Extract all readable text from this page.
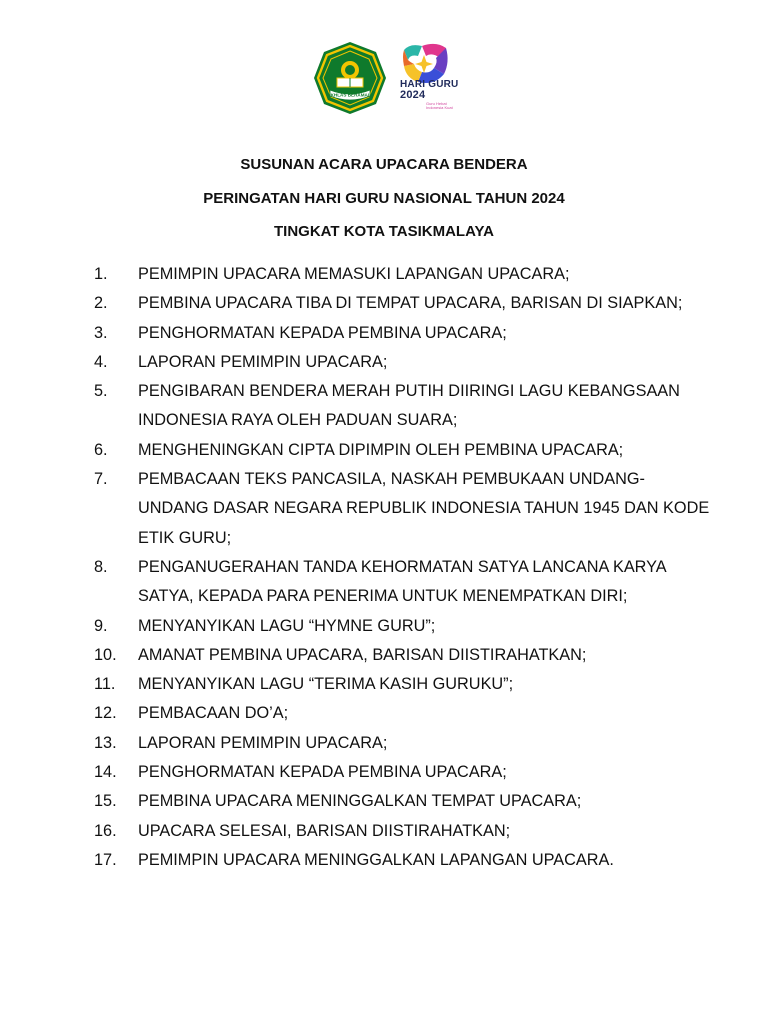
IKHLAS BERAMAL
HARI GURU
2024
Guru Hebat Indonesia Kuat

SUSUNAN ACARA UPACARA BENDERA

PERINGATAN HARI GURU NASIONAL TAHUN 2024

TINGKAT KOTA TASIKMALAYA

1.	PEMIMPIN UPACARA MEMASUKI LAPANGAN UPACARA;
2.	PEMBINA UPACARA TIBA DI TEMPAT UPACARA, BARISAN DI SIAPKAN;
3.	PENGHORMATAN KEPADA PEMBINA UPACARA;
4.	LAPORAN PEMIMPIN UPACARA;
5.	PENGIBARAN BENDERA MERAH PUTIH DIIRINGI LAGU KEBANGSAAN INDONESIA RAYA OLEH PADUAN SUARA;
6.	MENGHENINGKAN CIPTA DIPIMPIN OLEH PEMBINA UPACARA;
7.	PEMBACAAN TEKS PANCASILA, NASKAH PEMBUKAAN UNDANG-UNDANG DASAR NEGARA REPUBLIK INDONESIA TAHUN 1945 DAN KODE ETIK GURU;
8.	PENGANUGERAHAN TANDA KEHORMATAN SATYA LANCANA KARYA SATYA, KEPADA PARA PENERIMA UNTUK MENEMPATKAN DIRI;
9.	MENYANYIKAN LAGU “HYMNE GURU”;
10.	AMANAT PEMBINA UPACARA, BARISAN DIISTIRAHATKAN;
11.	MENYANYIKAN LAGU “TERIMA KASIH GURUKU”;
12.	PEMBACAAN DO’A;
13.	LAPORAN PEMIMPIN UPACARA;
14.	PENGHORMATAN KEPADA PEMBINA UPACARA;
15.	PEMBINA UPACARA MENINGGALKAN TEMPAT UPACARA;
16.	UPACARA SELESAI, BARISAN DIISTIRAHATKAN;
17.	PEMIMPIN UPACARA MENINGGALKAN LAPANGAN UPACARA.
